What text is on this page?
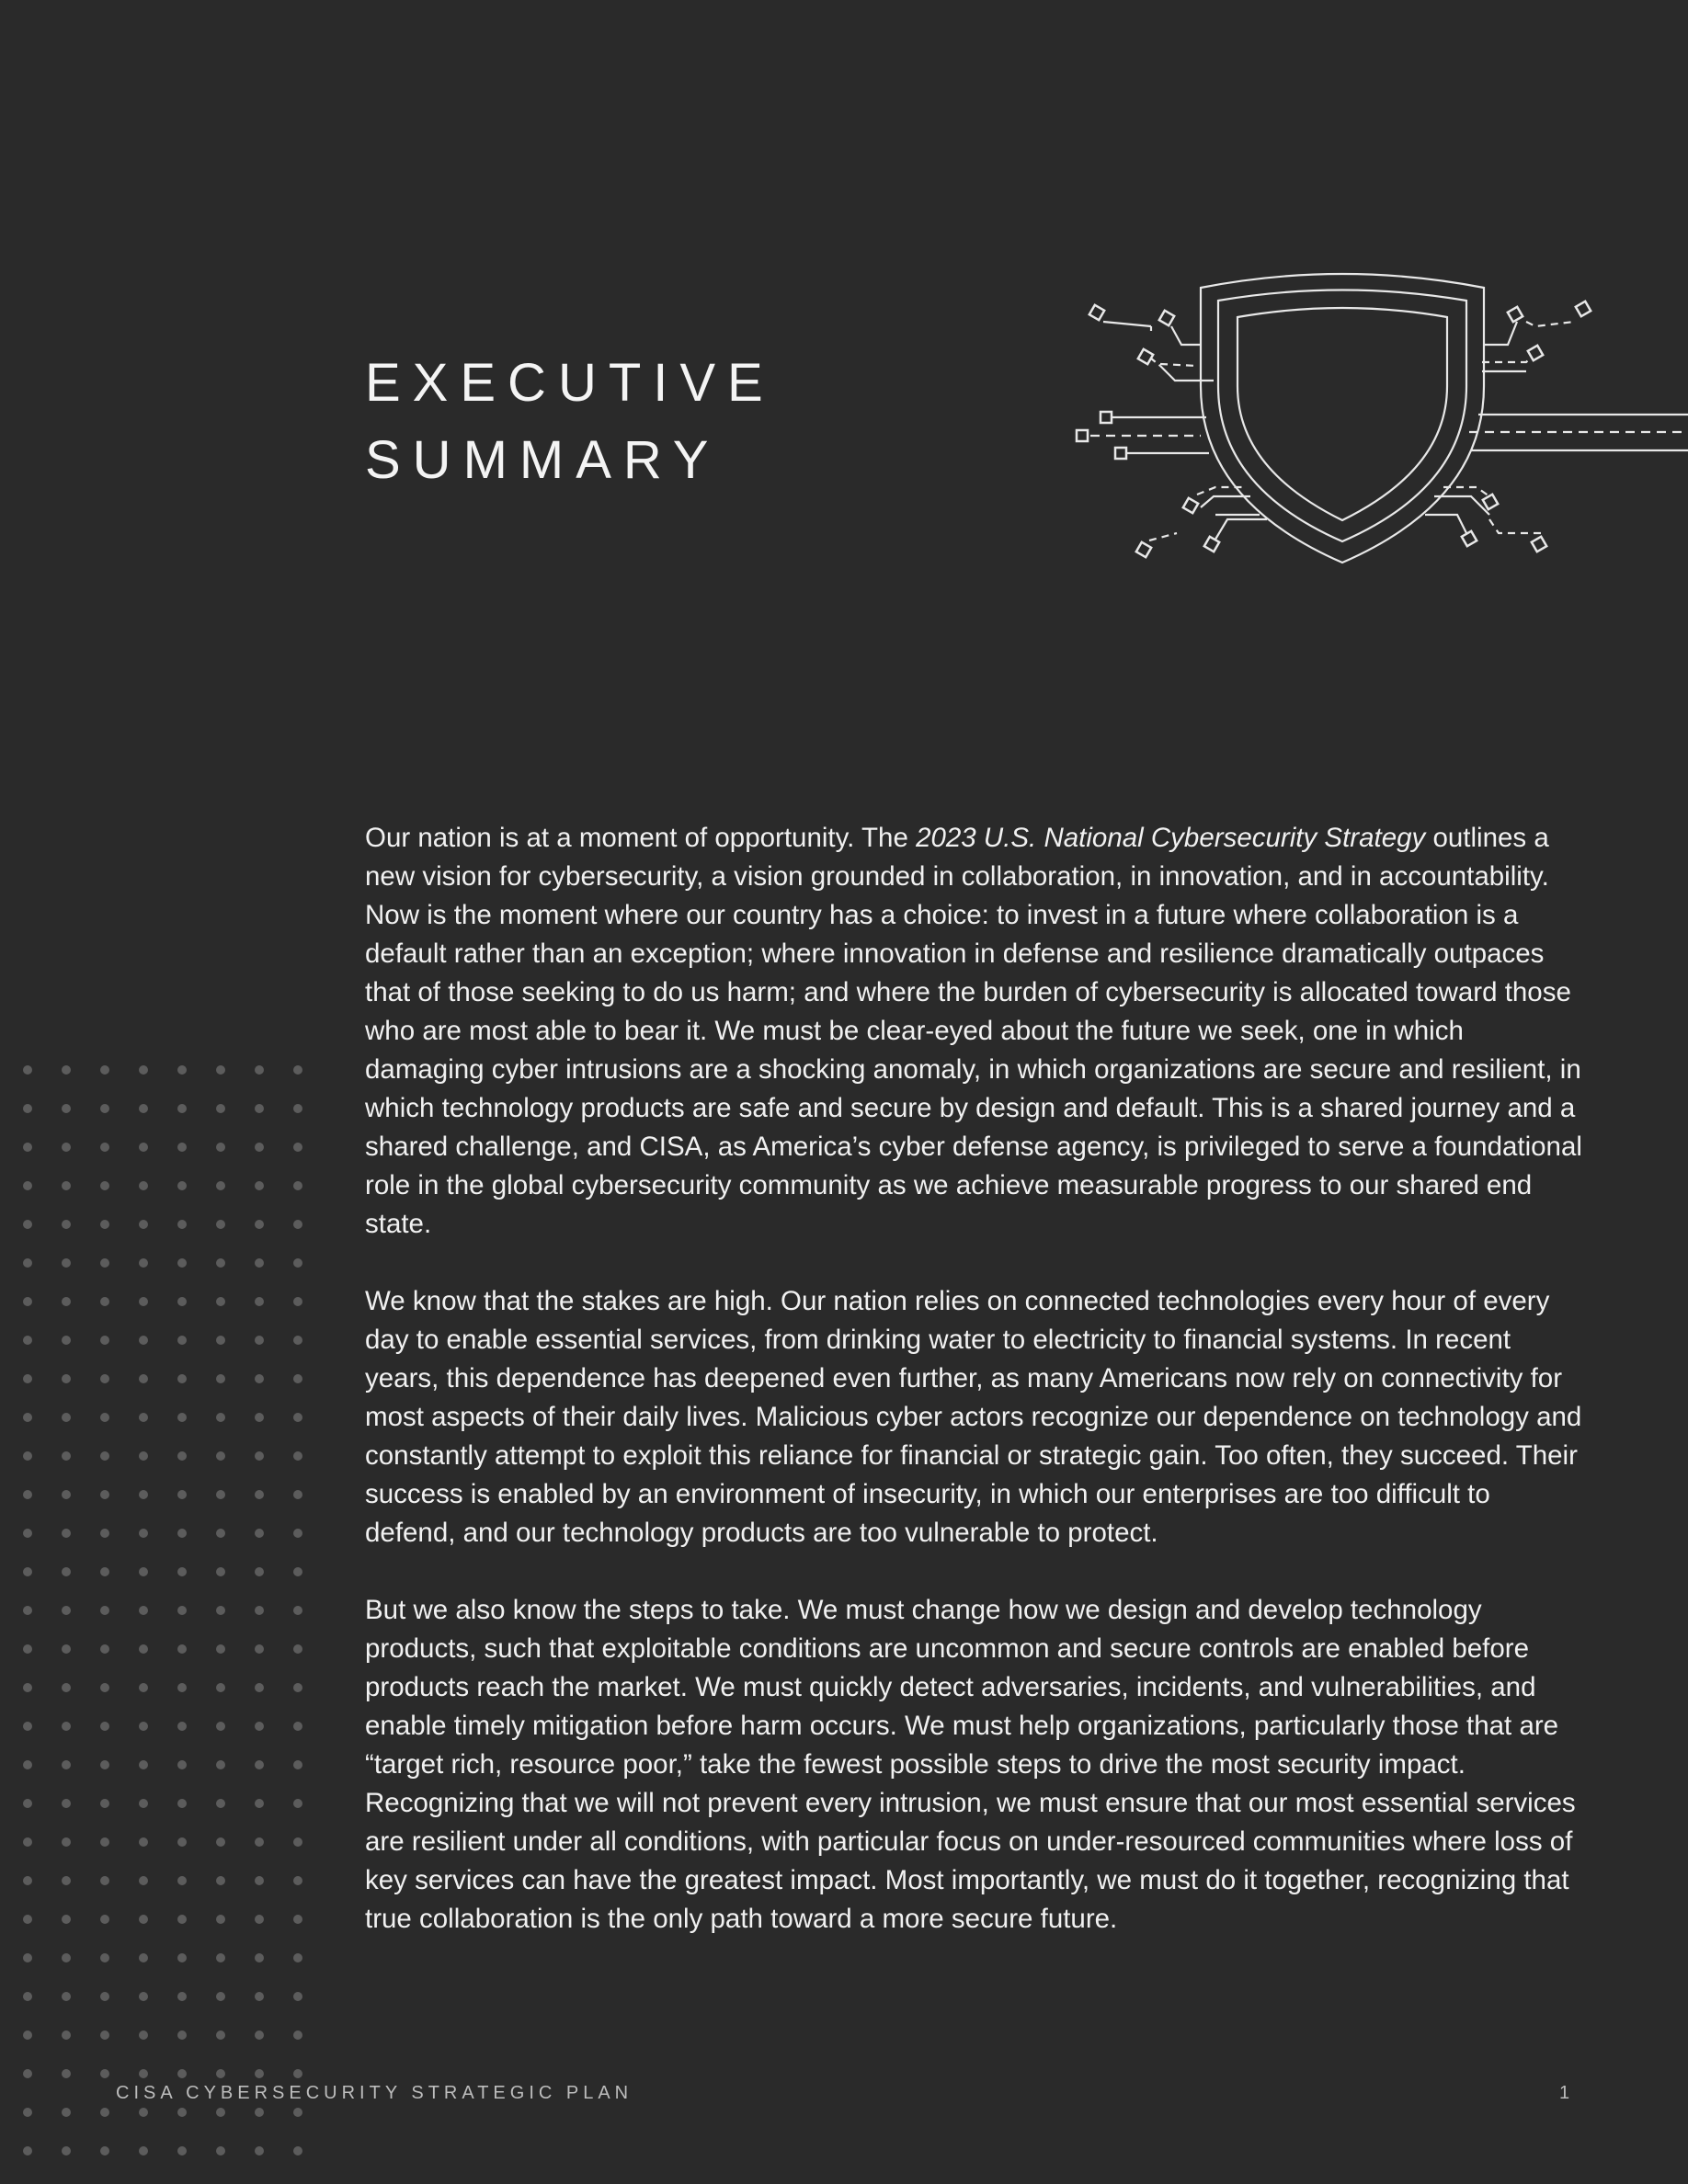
EXECUTIVE
SUMMARY

Our nation is at a moment of opportunity. The 2023 U.S. National Cybersecurity Strategy outlines a new vision for cybersecurity, a vision grounded in collaboration, in innovation, and in accountability. Now is the moment where our country has a choice: to invest in a future where collaboration is a default rather than an exception; where innovation in defense and resilience dramatically outpaces that of those seeking to do us harm; and where the burden of cybersecurity is allocated toward those who are most able to bear it. We must be clear-eyed about the future we seek, one in which damaging cyber intrusions are a shocking anomaly, in which organizations are secure and resilient, in which technology products are safe and secure by design and default. This is a shared journey and a shared challenge, and CISA, as America’s cyber defense agency, is privileged to serve a foundational role in the global cybersecurity community as we achieve measurable progress to our shared end state.

We know that the stakes are high. Our nation relies on connected technologies every hour of every day to enable essential services, from drinking water to electricity to financial systems. In recent years, this dependence has deepened even further, as many Americans now rely on connectivity for most aspects of their daily lives. Malicious cyber actors recognize our dependence on technology and constantly attempt to exploit this reliance for financial or strategic gain. Too often, they succeed. Their success is enabled by an environment of insecurity, in which our enterprises are too difficult to defend, and our technology products are too vulnerable to protect.

But we also know the steps to take. We must change how we design and develop technology products, such that exploitable conditions are uncommon and secure controls are enabled before products reach the market. We must quickly detect adversaries, incidents, and vulnerabilities, and enable timely mitigation before harm occurs. We must help organizations, particularly those that are “target rich, resource poor,” take the fewest possible steps to drive the most security impact. Recognizing that we will not prevent every intrusion, we must ensure that our most essential services are resilient under all conditions, with particular focus on under-resourced communities where loss of key services can have the greatest impact. Most importantly, we must do it together, recognizing that true collaboration is the only path toward a more secure future.

CISA CYBERSECURITY STRATEGIC PLAN	1
